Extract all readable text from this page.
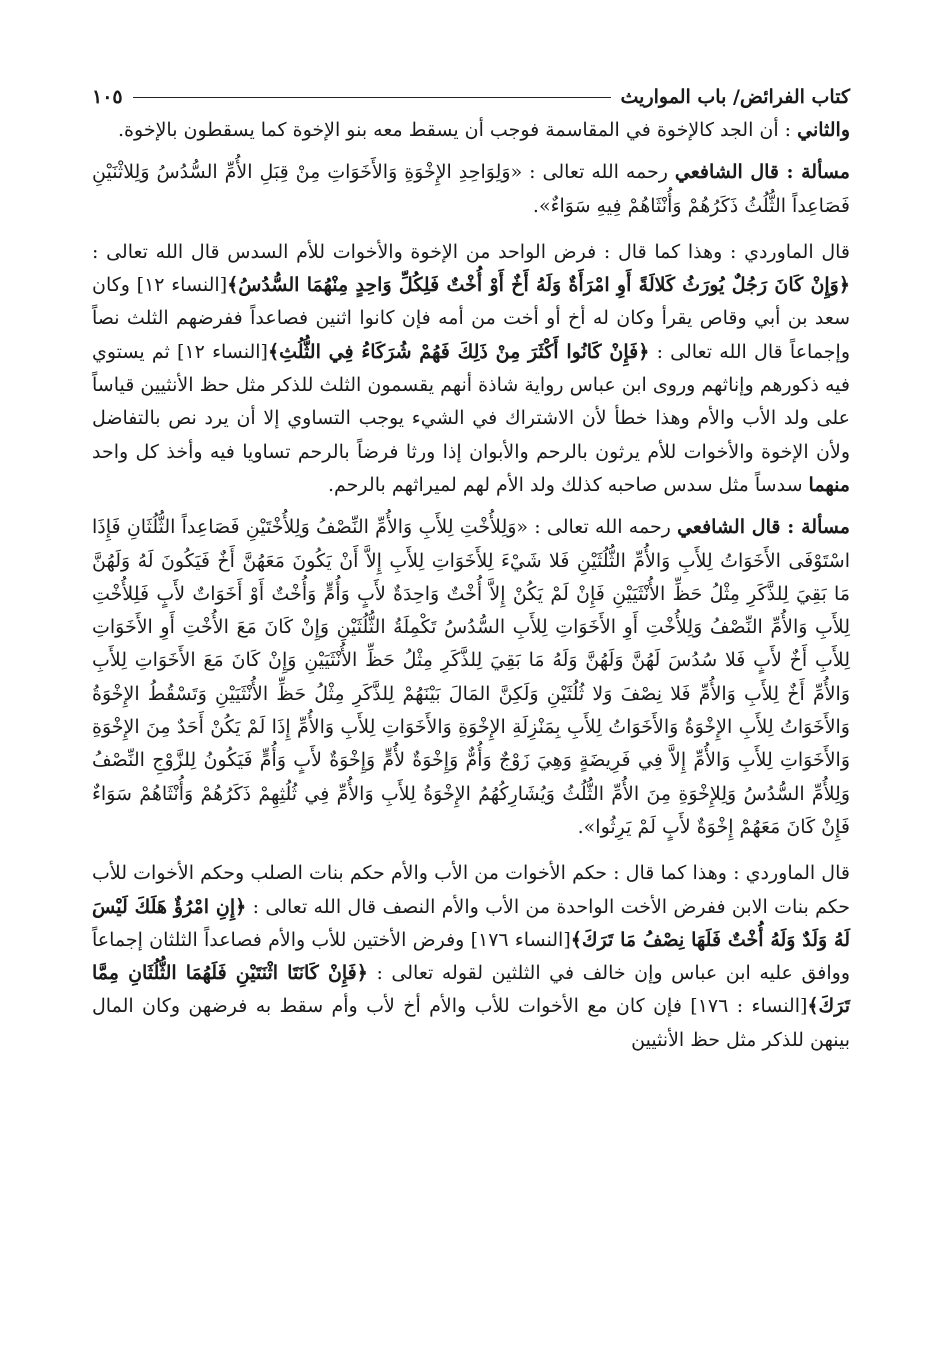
كتاب الفرائض/ باب المواريث
١٠٥

والثاني : أن الجد كالإخوة في المقاسمة فوجب أن يسقط معه بنو الإخوة كما يسقطون بالإخوة.

مسألة : قال الشافعي رحمه الله تعالى : «وَلِوَاحِدِ الإِخْوَةِ وَالأَخَوَاتِ مِنْ قِبَلِ الأُمِّ السُّدُسُ وَلِلاثْنَيْنِ فَصَاعِداً الثُّلُثُ ذَكَرُهُمْ وَأُنْثَاهُمْ فِيهِ سَوَاءٌ».

قال الماوردي : وهذا كما قال : فرض الواحد من الإخوة والأخوات للأم السدس قال الله تعالى : ﴿وَإِنْ كَانَ رَجُلٌ يُورَثُ كَلالَةً أَوِ امْرَأَةٌ وَلَهُ أَخٌ أَوْ أُخْتٌ فَلِكُلِّ وَاحِدٍ مِنْهُمَا السُّدُسُ﴾[النساء ١٢] وكان سعد بن أبي وقاص يقرأ وكان له أخ أو أخت من أمه فإن كانوا اثنين فصاعداً ففرضهم الثلث نصاً وإجماعاً قال الله تعالى : ﴿فَإِنْ كَانُوا أَكْثَرَ مِنْ ذَلِكَ فَهُمْ شُرَكَاءُ فِي الثُّلُثِ﴾[النساء ١٢] ثم يستوي فيه ذكورهم وإناثهم وروى ابن عباس رواية شاذة أنهم يقسمون الثلث للذكر مثل حظ الأنثيين قياساً على ولد الأب والأم وهذا خطأ لأن الاشتراك في الشيء يوجب التساوي إلا أن يرد نص بالتفاضل ولأن الإخوة والأخوات للأم يرثون بالرحم والأبوان إذا ورثا فرضاً بالرحم تساويا فيه وأخذ كل واحد منهما سدساً مثل سدس صاحبه كذلك ولد الأم لهم لميراثهم بالرحم.

مسألة : قال الشافعي رحمه الله تعالى : «وَلِلأُخْتِ لِلأَبِ وَالأُمِّ النِّصْفُ وَلِلأُخْتَيْنِ فَصَاعِداً الثُّلُثَانِ فَإِذَا اسْتَوْفَى الأَخَوَاتُ لِلأَبِ وَالأُمِّ الثُّلُثَيْنِ فَلا شَيْءَ لِلأَخَوَاتِ لِلأَبِ إِلاَّ أَنْ يَكُونَ مَعَهُنَّ أَخٌ فَيَكُونَ لَهُ وَلَهُنَّ مَا بَقِيَ لِلذَّكَرِ مِثْلُ حَظِّ الأُنْثَيَيْنِ فَإِنْ لَمْ يَكُنْ إِلاَّ أُخْتٌ وَاحِدَةٌ لأَبٍ وَأُمٍّ وَأُخْتٌ أَوْ أَخَوَاتٌ لأَبٍ فَلِلأُخْتِ لِلأَبِ وَالأُمِّ النِّصْفُ وَلِلأُخْتِ أَوِ الأَخَوَاتِ لِلأَبِ السُّدُسُ تَكْمِلَةُ الثُّلُثَيْنِ وَإِنْ كَانَ مَعَ الأُخْتِ أَوِ الأَخَوَاتِ لِلأَبِ أَخٌ لأَبٍ فَلا سُدُسَ لَهُنَّ وَلَهُنَّ وَلَهُ مَا بَقِيَ لِلذَّكَرِ مِثْلُ حَظِّ الأُنْثَيَيْنِ وَإِنْ كَانَ مَعَ الأَخَوَاتِ لِلأَبِ وَالأُمِّ أَخٌ لِلأَبِ وَالأُمِّ فَلا نِصْفَ وَلا ثُلُثَيْنِ وَلَكِنَّ المَالَ بَيْنَهُمْ لِلذَّكَرِ مِثْلُ حَظِّ الأُنْثَيَيْنِ وَتَسْقُطُ الإِخْوَةُ وَالأَخَوَاتُ لِلأَبِ الإِخْوَةُ وَالأَخَوَاتُ لِلأَبِ بِمَنْزِلَةِ الإِخْوَةِ وَالأَخَوَاتِ لِلأَبِ وَالأُمِّ إِذَا لَمْ يَكُنْ أَحَدٌ مِنَ الإِخْوَةِ وَالأَخَوَاتِ لِلأَبِ وَالأُمِّ إِلاَّ فِي فَرِيضَةٍ وَهِيَ زَوْجٌ وَأُمٌّ وَإِخْوَةٌ لأُمٍّ وَإِخْوَةٌ لأَبٍ وَأُمٍّ فَيَكُونُ لِلزَّوْجِ النِّصْفُ وَلِلأُمِّ السُّدُسُ وَلِلإِخْوَةِ مِنَ الأُمِّ الثُّلُثُ وَيُشَارِكُهُمُ الإِخْوَةُ لِلأَبِ وَالأُمِّ فِي ثُلُثِهِمْ ذَكَرُهُمْ وَأُنْثَاهُمْ سَوَاءٌ فَإِنْ كَانَ مَعَهُمْ إِخْوَةٌ لأَبٍ لَمْ يَرِثُوا».

قال الماوردي : وهذا كما قال : حكم الأخوات من الأب والأم حكم بنات الصلب وحكم الأخوات للأب حكم بنات الابن ففرض الأخت الواحدة من الأب والأم النصف قال الله تعالى : ﴿إِنِ امْرُؤٌ هَلَكَ لَيْسَ لَهُ وَلَدٌ وَلَهُ أُخْتٌ فَلَهَا نِصْفُ مَا تَرَكَ﴾[النساء ١٧٦] وفرض الأختين للأب والأم فصاعداً الثلثان إجماعاً ووافق عليه ابن عباس وإن خالف في الثلثين لقوله تعالى : ﴿فَإِنْ كَانَتَا اثْنَتَيْنِ فَلَهُمَا الثُّلُثَانِ مِمَّا تَرَكَ﴾[النساء : ١٧٦] فإن كان مع الأخوات للأب والأم أخ لأب وأم سقط به فرضهن وكان المال بينهن للذكر مثل حظ الأنثيين
